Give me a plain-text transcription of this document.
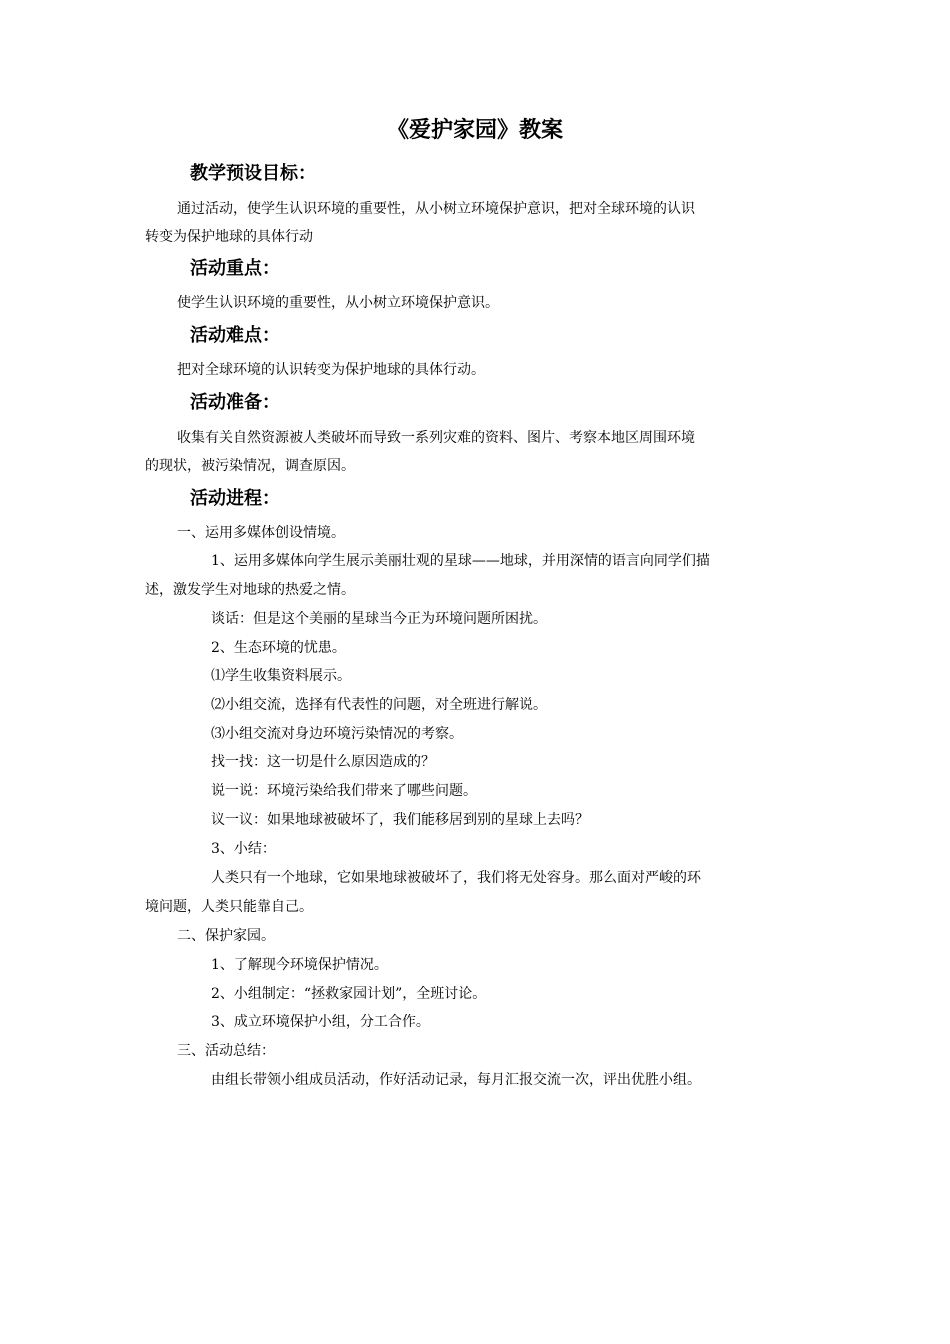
《爱护家园》教案
教学预设目标：
通过活动，使学生认识环境的重要性，从小树立环境保护意识，把对全球环境的认识
转变为保护地球的具体行动
活动重点：
使学生认识环境的重要性，从小树立环境保护意识。
活动难点：
把对全球环境的认识转变为保护地球的具体行动。
活动准备：
收集有关自然资源被人类破坏而导致一系列灾难的资料、图片、考察本地区周围环境
的现状，被污染情况，调查原因。
活动进程：
一、运用多媒体创设情境。
1、运用多媒体向学生展示美丽壮观的星球——地球，并用深情的语言向同学们描
述，激发学生对地球的热爱之情。
谈话：但是这个美丽的星球当今正为环境问题所困扰。
2、生态环境的忧患。
⑴学生收集资料展示。
⑵小组交流，选择有代表性的问题，对全班进行解说。
⑶小组交流对身边环境污染情况的考察。
找一找：这一切是什么原因造成的？
说一说：环境污染给我们带来了哪些问题。
议一议：如果地球被破坏了，我们能移居到别的星球上去吗？
3、小结：
人类只有一个地球，它如果地球被破坏了，我们将无处容身。那么面对严峻的环
境问题，人类只能靠自己。
二、保护家园。
1、了解现今环境保护情况。
2、小组制定：“拯救家园计划”，全班讨论。
3、成立环境保护小组，分工合作。
三、活动总结：
由组长带领小组成员活动，作好活动记录，每月汇报交流一次，评出优胜小组。
